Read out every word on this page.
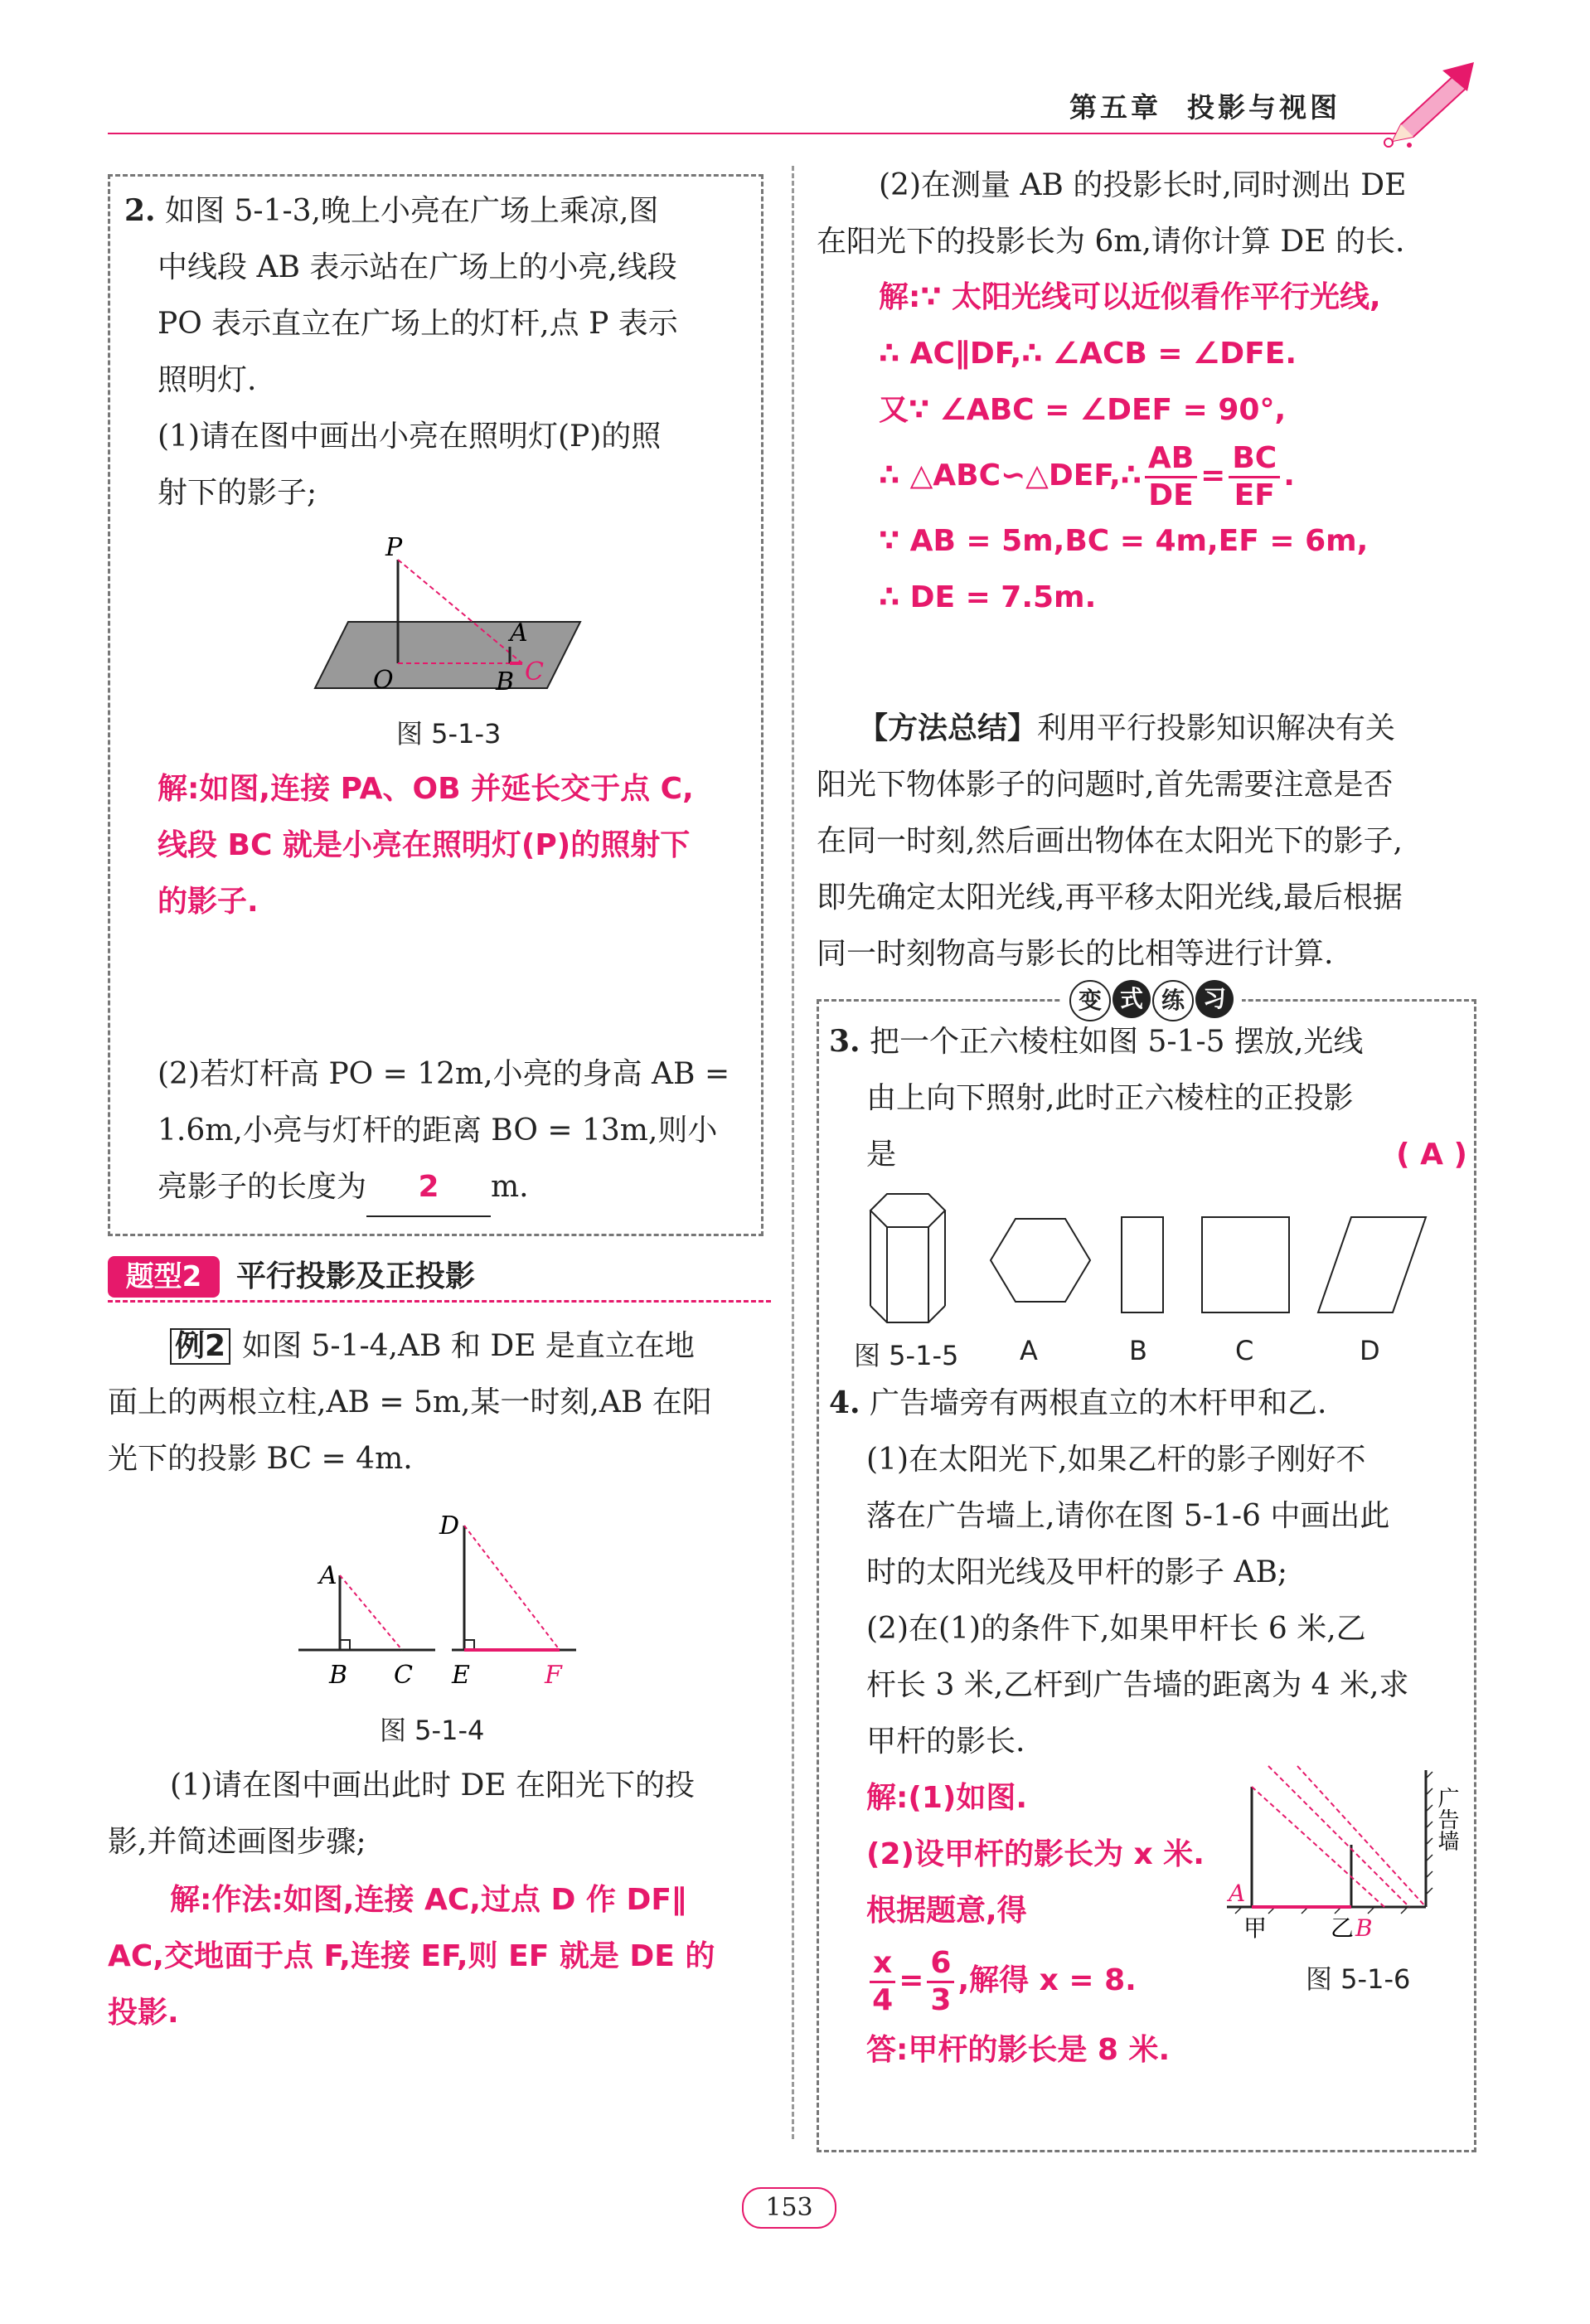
第五章 投影与视图
2. 如图 5-1-3,晚上小亮在广场上乘凉,图
中线段 AB 表示站在广场上的小亮,线段
PO 表示直立在广场上的灯杆,点 P 表示
照明灯.
(1)请在图中画出小亮在照明灯(P)的照
射下的影子;
P
O
A
B C
图 5-1-3
解:如图,连接 PA、OB 并延长交于点 C,
线段 BC 就是小亮在照明灯(P)的照射下
的影子.
(2)若灯杆高 PO = 12m,小亮的身高 AB =
1.6m,小亮与灯杆的距离 BO = 13m,则小
亮影子的长度为 2 m.
题型2	平行投影及正投影
例2 如图 5-1-4,AB 和 DE 是直立在地
面上的两根立柱,AB = 5m,某一时刻,AB 在阳
光下的投影 BC = 4m.
A
B C
D
E	F
图 5-1-4
(1)请在图中画出此时 DE 在阳光下的投
影,并简述画图步骤;
解:作法:如图,连接 AC,过点 D 作 DF∥
AC,交地面于点 F,连接 EF,则 EF 就是 DE 的
投影.
(2)在测量 AB 的投影长时,同时测出 DE
在阳光下的投影长为 6m,请你计算 DE 的长.
解:∵ 太阳光线可以近似看作平行光线,
∴ AC∥DF,∴ ∠ACB = ∠DFE.
又∵ ∠ABC = ∠DEF = 90°,
∴ △ABC∽△DEF,∴ $\frac{AB}{DE} = \frac{BC}{EF}$ .
∵ AB = 5m,BC = 4m,EF = 6m,
∴ DE = 7.5m.
【方法总结】利用平行投影知识解决有关
阳光下物体影子的问题时,首先需要注意是否
在同一时刻,然后画出物体在太阳光下的影子,
即先确定太阳光线,再平移太阳光线,最后根据
同一时刻物高与影长的比相等进行计算.
变 式 练 习
3. 把一个正六棱柱如图 5-1-5 摆放,光线
由上向下照射,此时正六棱柱的正投影
是	( A )
图 5-1-5 A	B	C	D
4. 广告墙旁有两根直立的木杆甲和乙.
(1)在太阳光下,如果乙杆的影子刚好不
落在广告墙上,请你在图 5-1-6 中画出此
时的太阳光线及甲杆的影子 AB;
(2)在(1)的条件下,如果甲杆长 6 米,乙
杆长 3 米,乙杆到广告墙的距离为 4 米,求
甲杆的影长.
解:(1)如图.
(2)设甲杆的影长为 x 米.
根据题意,得
$\frac{x}{4} = \frac{6}{3}$ ,解得 x = 8.
答:甲杆的影长是 8 米.
A
甲	乙 B
广告墙
图 5-1-6
153
